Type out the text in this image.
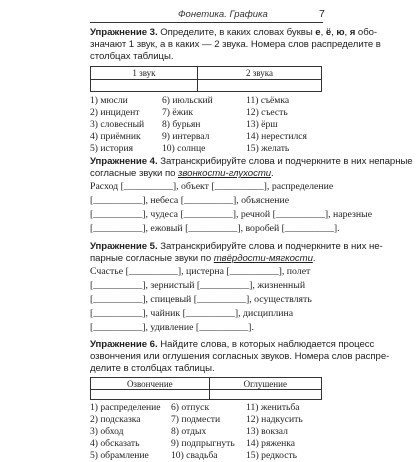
Фонетика. Графика	7
Упражнение 3. Определите, в каких словах буквы е, ё, ю, я обо-
значают 1 звук, а в каких — 2 звука. Номера слов распределите в
столбцах таблицы.
1 звук	2 звука

1) мюсли
2) инцидент
3) словесный
4) приёмник
5) история
6) июльский
7) ёжик
8) бурьян
9) интервал
10) солнце
11) съёмка
12) съесть
13) ёрш
14) нерестился
15) желать
Упражнение 4. Затранскрибируйте слова и подчеркните в них непарные
согласные звуки по звонкости-глухости.
Расход [__________], объект [__________], распределение
[__________], небеса [__________], объяснение
[__________], чудеса [__________], речной [__________], нарезные
[__________], ежовый [__________], воробей [__________].
Упражнение 5. Затранскрибируйте слова и подчеркните в них не-
парные согласные звуки по твёрдости-мягкости.
Счастье [__________], цистерна [__________], полет
[__________], зернистый [__________], жизненный
[__________], спицевый [__________], осуществлять
[__________], чайник [__________], дисциплина
[__________], удивление [__________].
Упражнение 6. Найдите слова, в которых наблюдается процесс
озвончения или оглушения согласных звуков. Номера слов распре-
делите в столбцах таблицы.
Озвончение	Оглушение

1) распределение
2) подсказка
3) обход
4) обсказать
5) обрамление
6) отпуск
7) подмести
8) отдых
9) подпрыгнуть
10) свадьба
11) женитьба
12) надкусить
13) вокзал
14) ряженка
15) редкость
